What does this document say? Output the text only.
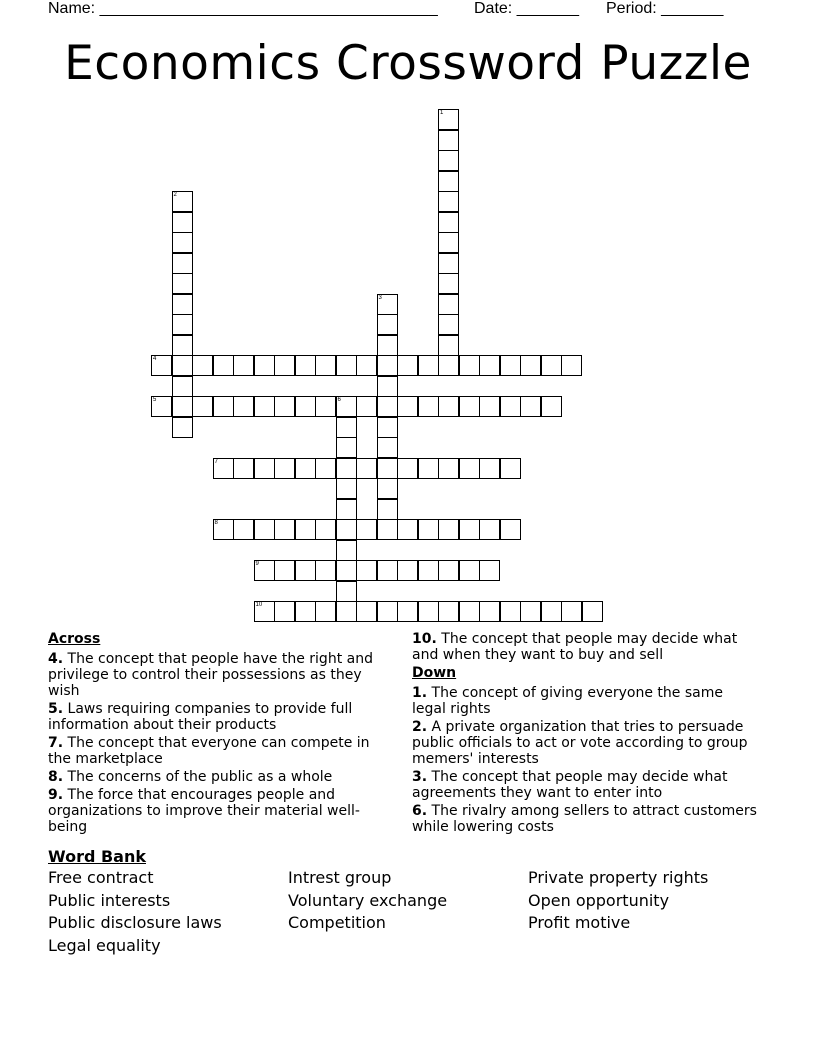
Name: ______________________________________ Date: _______ Period: _______
Economics Crossword Puzzle
1
2
3
4
5	6
7
8
9
10
Across
4. The concept that people have the right and privilege to control their possessions as they wish
5. Laws requiring companies to provide full information about their products
7. The concept that everyone can compete in the marketplace
8. The concerns of the public as a whole
9. The force that encourages people and organizations to improve their material well-being
10. The concept that people may decide what and when they want to buy and sell
Down
1. The concept of giving everyone the same legal rights
2. A private organization that tries to persuade public officials to act or vote according to group memers' interests
3. The concept that people may decide what agreements they want to enter into
6. The rivalry among sellers to attract customers while lowering costs
Word Bank
Free contract
Public interests
Public disclosure laws
Legal equality
Intrest group
Voluntary exchange
Competition
Private property rights
Open opportunity
Profit motive
